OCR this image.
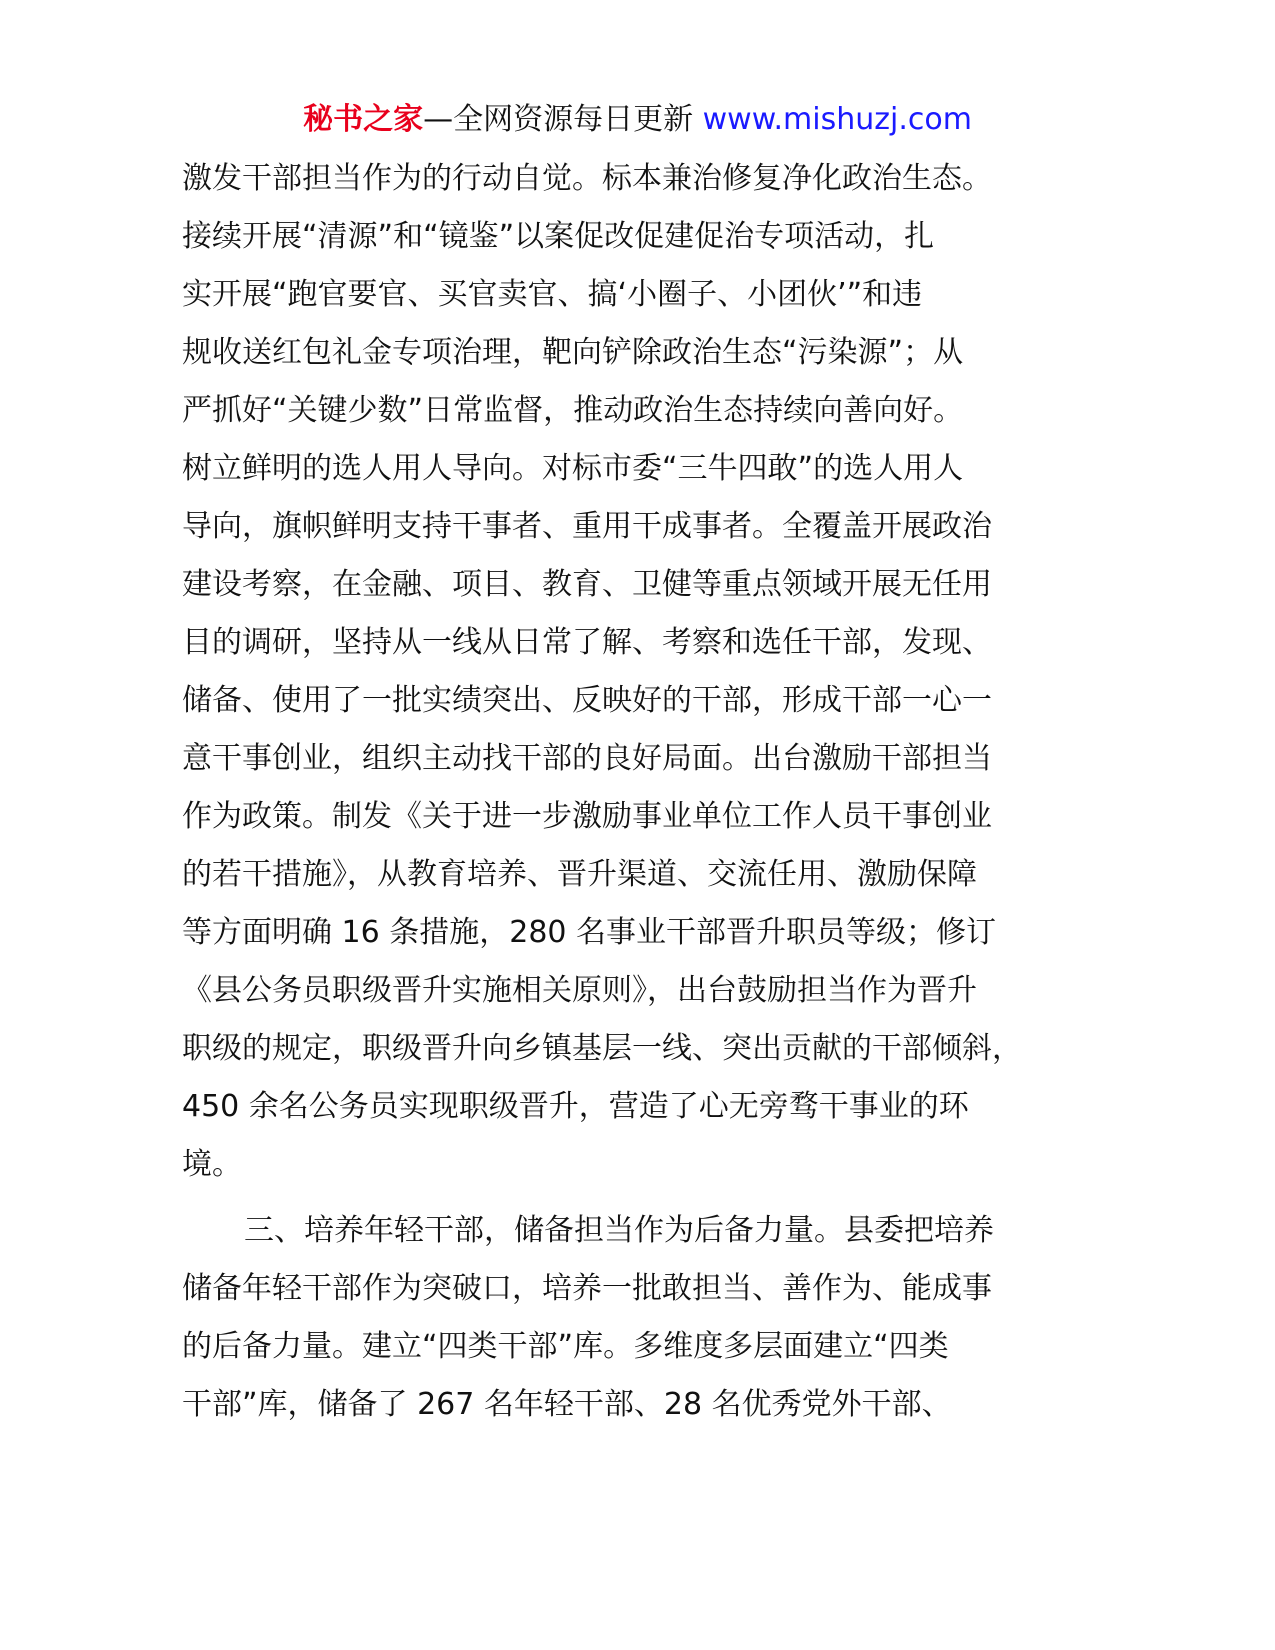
秘书之家—全网资源每日更新 www.mishuzj.com
激发干部担当作为的行动自觉。标本兼治修复净化政治生态。
接续开展“清源”和“镜鉴”以案促改促建促治专项活动，扎
实开展“跑官要官、买官卖官、搞‘小圈子、小团伙’”和违
规收送红包礼金专项治理，靶向铲除政治生态“污染源”；从
严抓好“关键少数”日常监督，推动政治生态持续向善向好。
树立鲜明的选人用人导向。对标市委“三牛四敢”的选人用人
导向，旗帜鲜明支持干事者、重用干成事者。全覆盖开展政治
建设考察，在金融、项目、教育、卫健等重点领域开展无任用
目的调研，坚持从一线从日常了解、考察和选任干部，发现、
储备、使用了一批实绩突出、反映好的干部，形成干部一心一
意干事创业，组织主动找干部的良好局面。出台激励干部担当
作为政策。制发《关于进一步激励事业单位工作人员干事创业
的若干措施》，从教育培养、晋升渠道、交流任用、激励保障
等方面明确 16 条措施，280 名事业干部晋升职员等级；修订
《县公务员职级晋升实施相关原则》，出台鼓励担当作为晋升
职级的规定，职级晋升向乡镇基层一线、突出贡献的干部倾斜，
450 余名公务员实现职级晋升，营造了心无旁骛干事业的环
境。
三、培养年轻干部，储备担当作为后备力量。县委把培养
储备年轻干部作为突破口，培养一批敢担当、善作为、能成事
的后备力量。建立“四类干部”库。多维度多层面建立“四类
干部”库，储备了 267 名年轻干部、28 名优秀党外干部、
